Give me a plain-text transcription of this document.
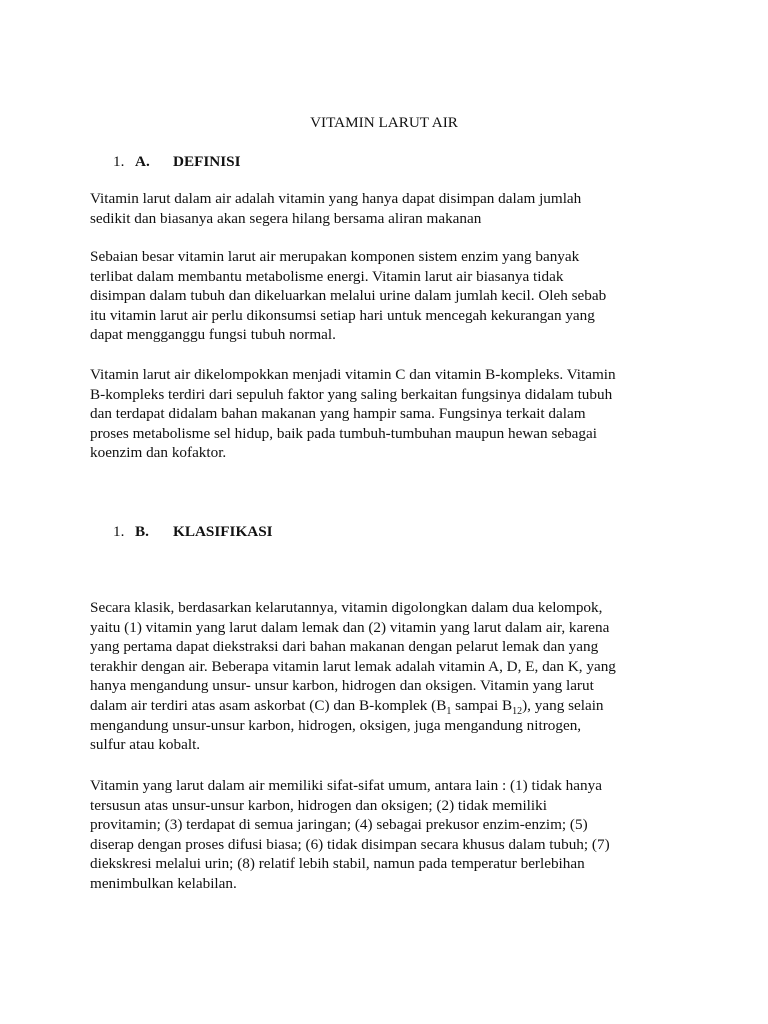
VITAMIN LARUT AIR
1. A. DEFINISI
Vitamin larut dalam air adalah vitamin yang hanya dapat disimpan dalam jumlah
sedikit dan biasanya akan segera hilang bersama aliran makanan
Sebaian besar vitamin larut air merupakan komponen sistem enzim yang banyak
terlibat dalam membantu metabolisme energi. Vitamin larut air biasanya tidak
disimpan dalam tubuh dan dikeluarkan melalui urine dalam jumlah kecil. Oleh sebab
itu vitamin larut air perlu dikonsumsi setiap hari untuk mencegah kekurangan yang
dapat mengganggu fungsi tubuh normal.
Vitamin larut air dikelompokkan menjadi vitamin C dan vitamin B-kompleks. Vitamin
B-kompleks terdiri dari sepuluh faktor yang saling berkaitan fungsinya didalam tubuh
dan terdapat didalam bahan makanan yang hampir sama. Fungsinya terkait dalam
proses metabolisme sel hidup, baik pada tumbuh-tumbuhan maupun hewan sebagai
koenzim dan kofaktor.
1. B. KLASIFIKASI
Secara klasik, berdasarkan kelarutannya, vitamin digolongkan dalam dua kelompok,
yaitu (1) vitamin yang larut dalam lemak dan (2) vitamin yang larut dalam air, karena
yang pertama dapat diekstraksi dari bahan makanan dengan pelarut lemak dan yang
terakhir dengan air. Beberapa vitamin larut lemak adalah vitamin A, D, E, dan K, yang
hanya mengandung unsur- unsur karbon, hidrogen dan oksigen. Vitamin yang larut
dalam air terdiri atas asam askorbat (C) dan B-komplek ($B_1$ sampai $B_{12}$), yang selain
mengandung unsur-unsur karbon, hidrogen, oksigen, juga mengandung nitrogen,
sulfur atau kobalt.
Vitamin yang larut dalam air memiliki sifat-sifat umum, antara lain : (1) tidak hanya
tersusun atas unsur-unsur karbon, hidrogen dan oksigen; (2) tidak memiliki
provitamin; (3) terdapat di semua jaringan; (4) sebagai prekusor enzim-enzim; (5)
diserap dengan proses difusi biasa; (6) tidak disimpan secara khusus dalam tubuh; (7)
diekskresi melalui urin; (8) relatif lebih stabil, namun pada temperatur berlebihan
menimbulkan kelabilan.
